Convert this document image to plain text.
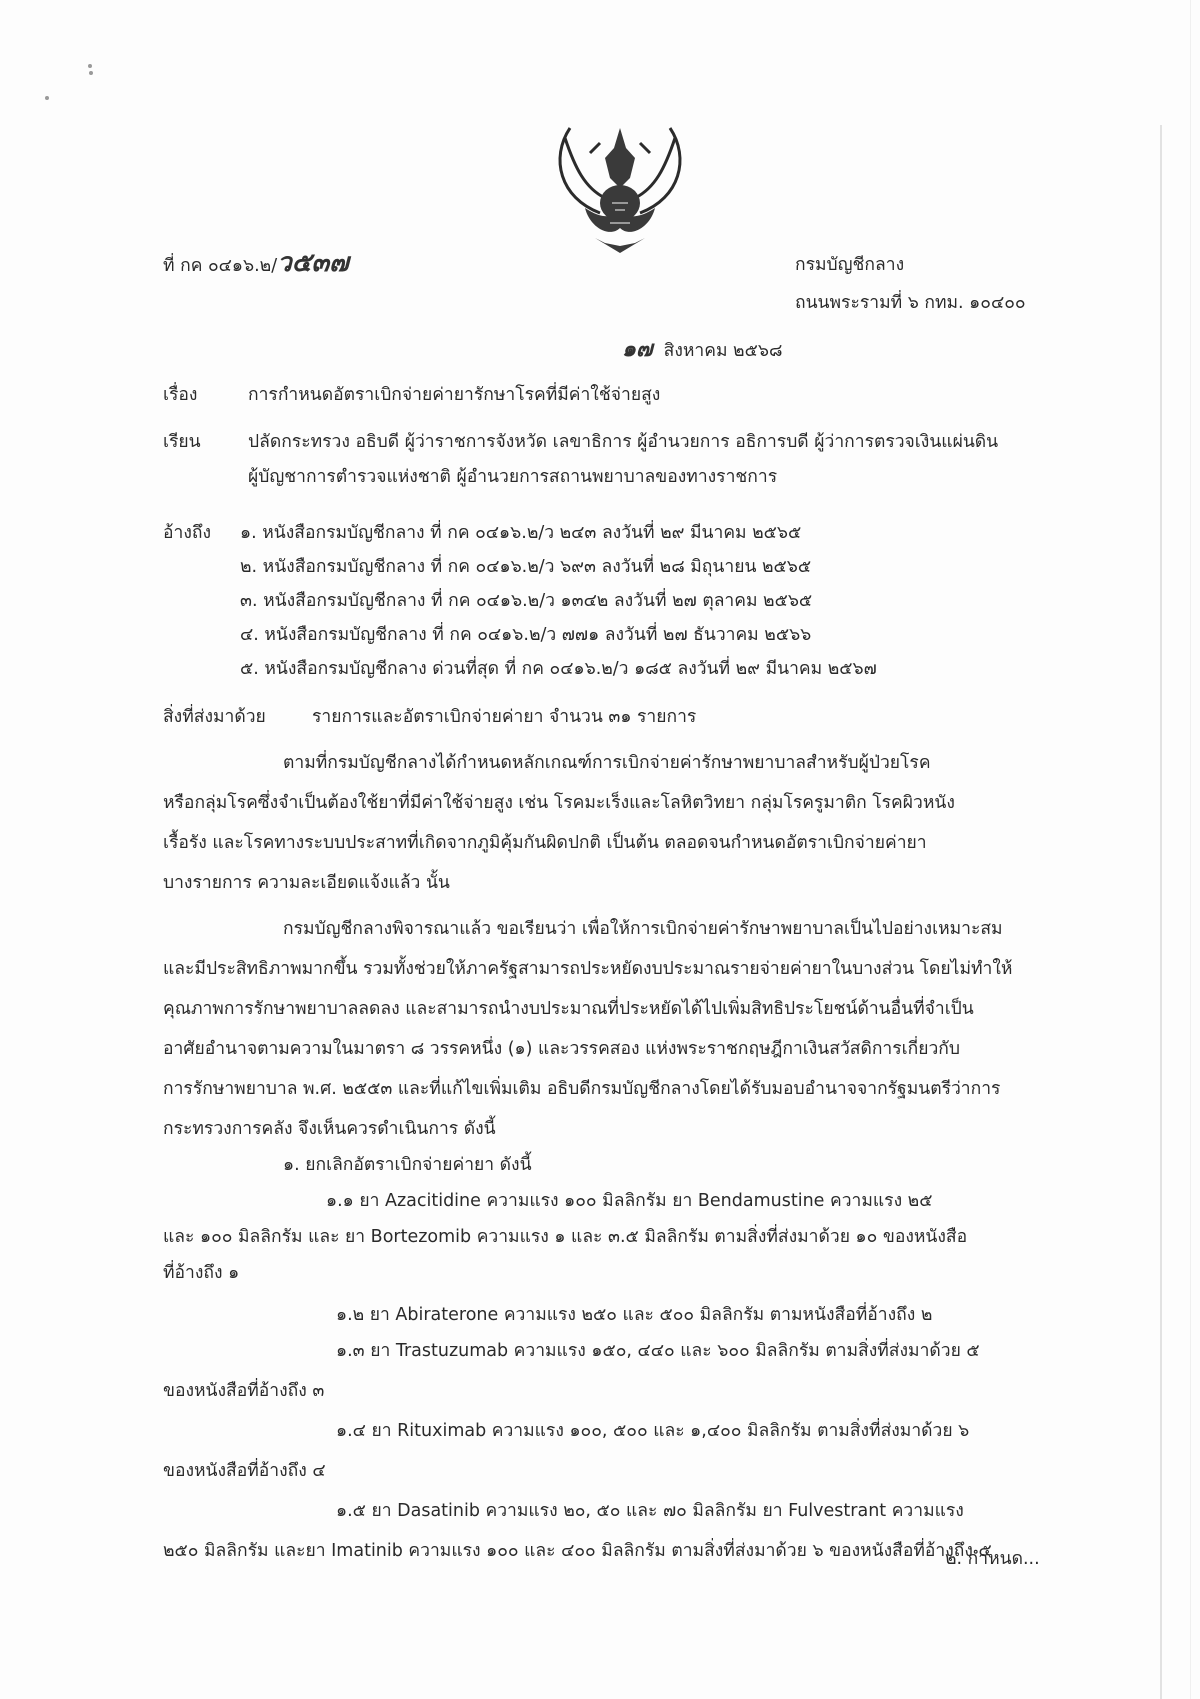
ที่ กค ๐๔๑๖.๒/ว๕๓๗	กรมบัญชีกลาง
ถนนพระรามที่ ๖ กทม. ๑๐๔๐๐
๑๗ สิงหาคม ๒๕๖๘
เรื่อง	การกำหนดอัตราเบิกจ่ายค่ายารักษาโรคที่มีค่าใช้จ่ายสูง
เรียน	ปลัดกระทรวง อธิบดี ผู้ว่าราชการจังหวัด เลขาธิการ ผู้อำนวยการ อธิการบดี ผู้ว่าการตรวจเงินแผ่นดิน
ผู้บัญชาการตำรวจแห่งชาติ ผู้อำนวยการสถานพยาบาลของทางราชการ
อ้างถึง ๑. หนังสือกรมบัญชีกลาง ที่ กค ๐๔๑๖.๒/ว ๒๔๓ ลงวันที่ ๒๙ มีนาคม ๒๕๖๕
๒. หนังสือกรมบัญชีกลาง ที่ กค ๐๔๑๖.๒/ว ๖๙๓ ลงวันที่ ๒๘ มิถุนายน ๒๕๖๕
๓. หนังสือกรมบัญชีกลาง ที่ กค ๐๔๑๖.๒/ว ๑๓๔๒ ลงวันที่ ๒๗ ตุลาคม ๒๕๖๕
๔. หนังสือกรมบัญชีกลาง ที่ กค ๐๔๑๖.๒/ว ๗๗๑ ลงวันที่ ๒๗ ธันวาคม ๒๕๖๖
๕. หนังสือกรมบัญชีกลาง ด่วนที่สุด ที่ กค ๐๔๑๖.๒/ว ๑๘๕ ลงวันที่ ๒๙ มีนาคม ๒๕๖๗
สิ่งที่ส่งมาด้วย	รายการและอัตราเบิกจ่ายค่ายา จำนวน ๓๑ รายการ
ตามที่กรมบัญชีกลางได้กำหนดหลักเกณฑ์การเบิกจ่ายค่ารักษาพยาบาลสำหรับผู้ป่วยโรค
หรือกลุ่มโรคซึ่งจำเป็นต้องใช้ยาที่มีค่าใช้จ่ายสูง เช่น โรคมะเร็งและโลหิตวิทยา กลุ่มโรครูมาติก โรคผิวหนัง
เรื้อรัง และโรคทางระบบประสาทที่เกิดจากภูมิคุ้มกันผิดปกติ เป็นต้น ตลอดจนกำหนดอัตราเบิกจ่ายค่ายา
บางรายการ ความละเอียดแจ้งแล้ว นั้น
กรมบัญชีกลางพิจารณาแล้ว ขอเรียนว่า เพื่อให้การเบิกจ่ายค่ารักษาพยาบาลเป็นไปอย่างเหมาะสม
และมีประสิทธิภาพมากขึ้น รวมทั้งช่วยให้ภาครัฐสามารถประหยัดงบประมาณรายจ่ายค่ายาในบางส่วน โดยไม่ทำให้
คุณภาพการรักษาพยาบาลลดลง และสามารถนำงบประมาณที่ประหยัดได้ไปเพิ่มสิทธิประโยชน์ด้านอื่นที่จำเป็น
อาศัยอำนาจตามความในมาตรา ๘ วรรคหนึ่ง (๑) และวรรคสอง แห่งพระราชกฤษฎีกาเงินสวัสดิการเกี่ยวกับ
การรักษาพยาบาล พ.ศ. ๒๕๕๓ และที่แก้ไขเพิ่มเติม อธิบดีกรมบัญชีกลางโดยได้รับมอบอำนาจจากรัฐมนตรีว่าการ
กระทรวงการคลัง จึงเห็นควรดำเนินการ ดังนี้
๑. ยกเลิกอัตราเบิกจ่ายค่ายา ดังนี้
๑.๑ ยา Azacitidine ความแรง ๑๐๐ มิลลิกรัม ยา Bendamustine ความแรง ๒๕
และ ๑๐๐ มิลลิกรัม และ ยา Bortezomib ความแรง ๑ และ ๓.๕ มิลลิกรัม ตามสิ่งที่ส่งมาด้วย ๑๐ ของหนังสือ
ที่อ้างถึง ๑
๑.๒ ยา Abiraterone ความแรง ๒๕๐ และ ๕๐๐ มิลลิกรัม ตามหนังสือที่อ้างถึง ๒
๑.๓ ยา Trastuzumab ความแรง ๑๕๐, ๔๔๐ และ ๖๐๐ มิลลิกรัม ตามสิ่งที่ส่งมาด้วย ๕
ของหนังสือที่อ้างถึง ๓
๑.๔ ยา Rituximab ความแรง ๑๐๐, ๕๐๐ และ ๑,๔๐๐ มิลลิกรัม ตามสิ่งที่ส่งมาด้วย ๖
ของหนังสือที่อ้างถึง ๔
๑.๕ ยา Dasatinib ความแรง ๒๐, ๕๐ และ ๗๐ มิลลิกรัม ยา Fulvestrant ความแรง
๒๕๐ มิลลิกรัม และยา Imatinib ความแรง ๑๐๐ และ ๔๐๐ มิลลิกรัม ตามสิ่งที่ส่งมาด้วย ๖ ของหนังสือที่อ้างถึง ๕
๒. กำหนด...
